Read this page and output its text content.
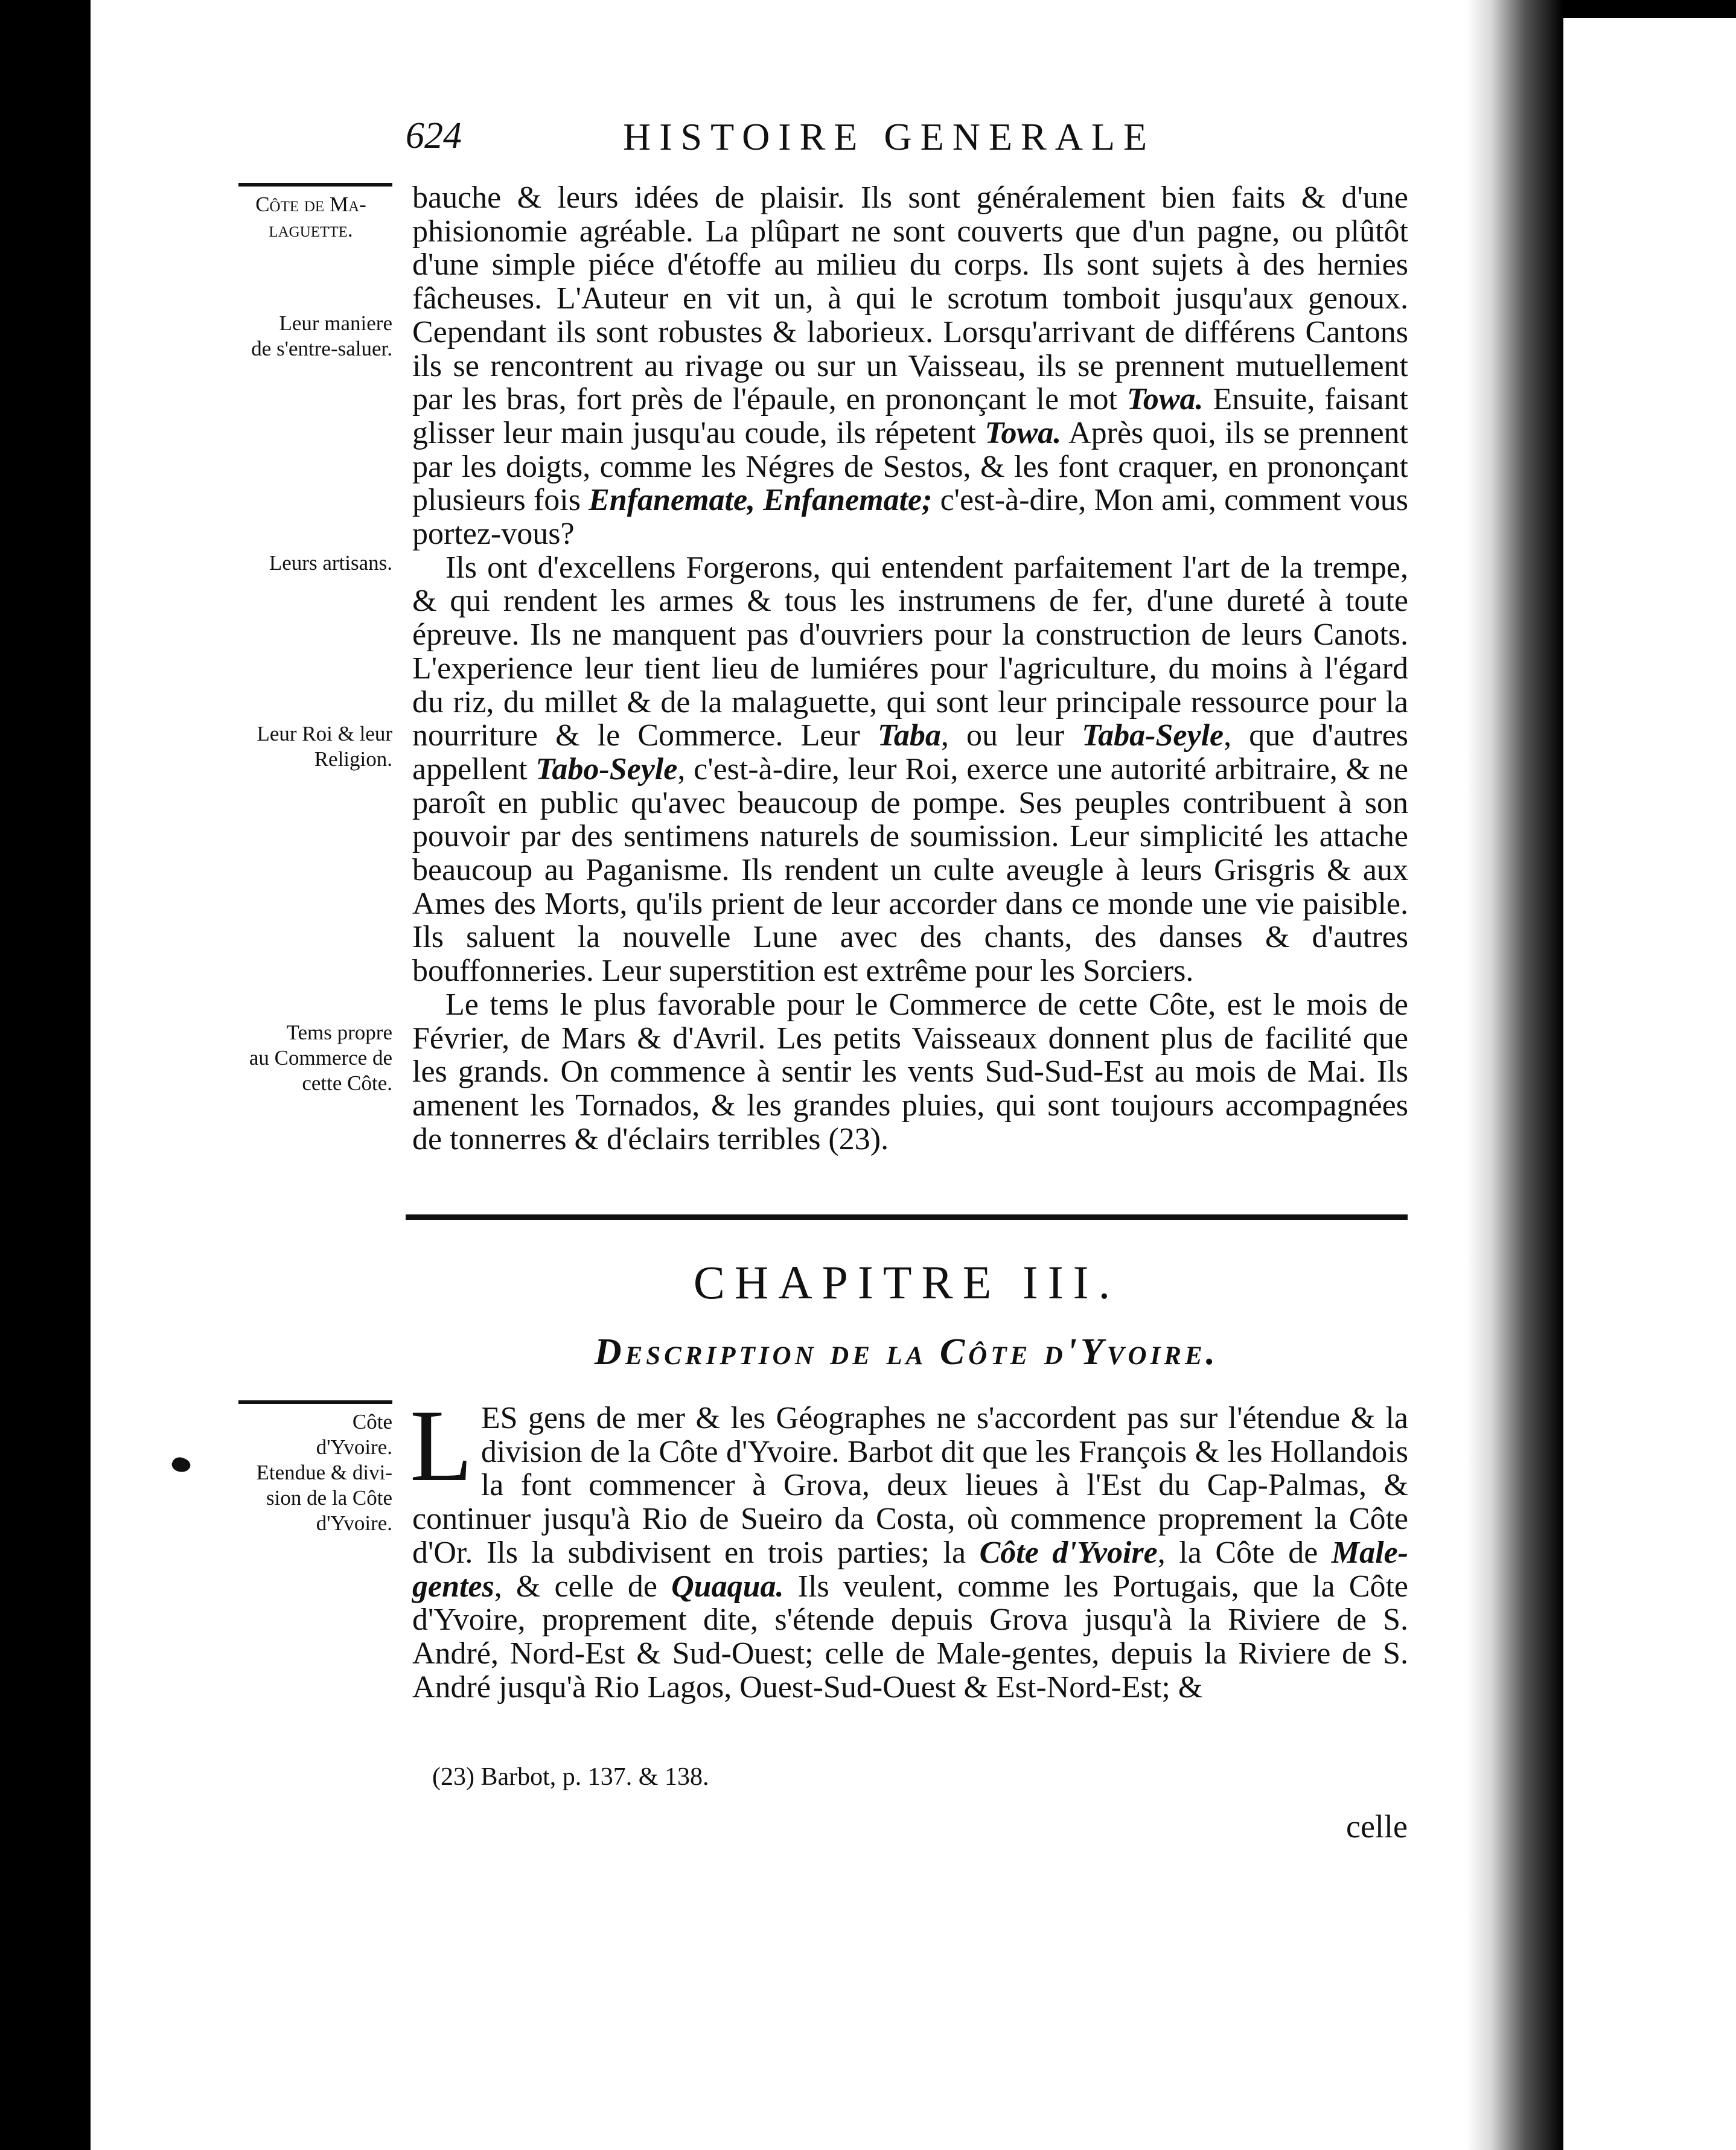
624	HISTOIRE GENERALE
Côte de Ma-
laguette.
Leur maniere
de s'entre-saluer.
Leurs artisans.
Leur Roi & leur
Religion.
Tems propre
au Commerce de
cette Côte.

bauche & leurs idées de plaisir. Ils sont généralement bien faits & d'une phisionomie agréable. La plûpart ne sont couverts que d'un pagne, ou plûtôt d'une simple piéce d'étoffe au milieu du corps. Ils sont sujets à des hernies fâcheuses. L'Auteur en vit un, à qui le scrotum tomboit jusqu'aux genoux. Cependant ils sont robustes & laborieux. Lorsqu'arrivant de différens Cantons ils se rencontrent au rivage ou sur un Vaisseau, ils se prennent mutuellement par les bras, fort près de l'épaule, en prononçant le mot Towa. Ensuite, faisant glisser leur main jusqu'au coude, ils répetent Towa. Après quoi, ils se prennent par les doigts, comme les Négres de Sestos, & les font craquer, en prononçant plusieurs fois Enfanemate, Enfanemate; c'est-à-dire, Mon ami, comment vous portez-vous?

Ils ont d'excellens Forgerons, qui entendent parfaitement l'art de la trempe, & qui rendent les armes & tous les instrumens de fer, d'une dureté à toute épreuve. Ils ne manquent pas d'ouvriers pour la construction de leurs Canots. L'experience leur tient lieu de lumiéres pour l'agriculture, du moins à l'égard du riz, du millet & de la malaguette, qui sont leur principale ressource pour la nourriture & le Commerce. Leur Taba, ou leur Taba-Seyle, que d'autres appellent Tabo-Seyle, c'est-à-dire, leur Roi, exerce une autorité arbitraire, & ne paroît en public qu'avec beaucoup de pompe. Ses peuples contribuent à son pouvoir par des sentimens naturels de soumission. Leur simplicité les attache beaucoup au Paganisme. Ils rendent un culte aveugle à leurs Grisgris & aux Ames des Morts, qu'ils prient de leur accorder dans ce monde une vie paisible. Ils saluent la nouvelle Lune avec des chants, des danses & d'autres bouffonneries. Leur superstition est extrême pour les Sorciers.

Le tems le plus favorable pour le Commerce de cette Côte, est le mois de Février, de Mars & d'Avril. Les petits Vaisseaux donnent plus de facilité que les grands. On commence à sentir les vents Sud-Sud-Est au mois de Mai. Ils amenent les Tornados, & les grandes pluies, qui sont toujours accompagnées de tonnerres & d'éclairs terribles (23).

CHAPITRE III.
Description de la Côte d'Yvoire.
Côte
d'Yvoire.
Etendue & divi-
sion de la Côte
d'Yvoire.

LES gens de mer & les Géographes ne s'accordent pas sur l'étendue & la division de la Côte d'Yvoire. Barbot dit que les François & les Hollandois la font commencer à Grova, deux lieues à l'Est du Cap-Palmas, & continuer jusqu'à Rio de Sueiro da Costa, où commence proprement la Côte d'Or. Ils la subdivisent en trois parties; la Côte d'Yvoire, la Côte de Male-gentes, & celle de Quaqua. Ils veulent, comme les Portugais, que la Côte d'Yvoire, proprement dite, s'étende depuis Grova jusqu'à la Riviere de S. André, Nord-Est & Sud-Ouest; celle de Male-gentes, depuis la Riviere de S. André jusqu'à Rio Lagos, Ouest-Sud-Ouest & Est-Nord-Est; &

(23) Barbot, p. 137. & 138.
celle
